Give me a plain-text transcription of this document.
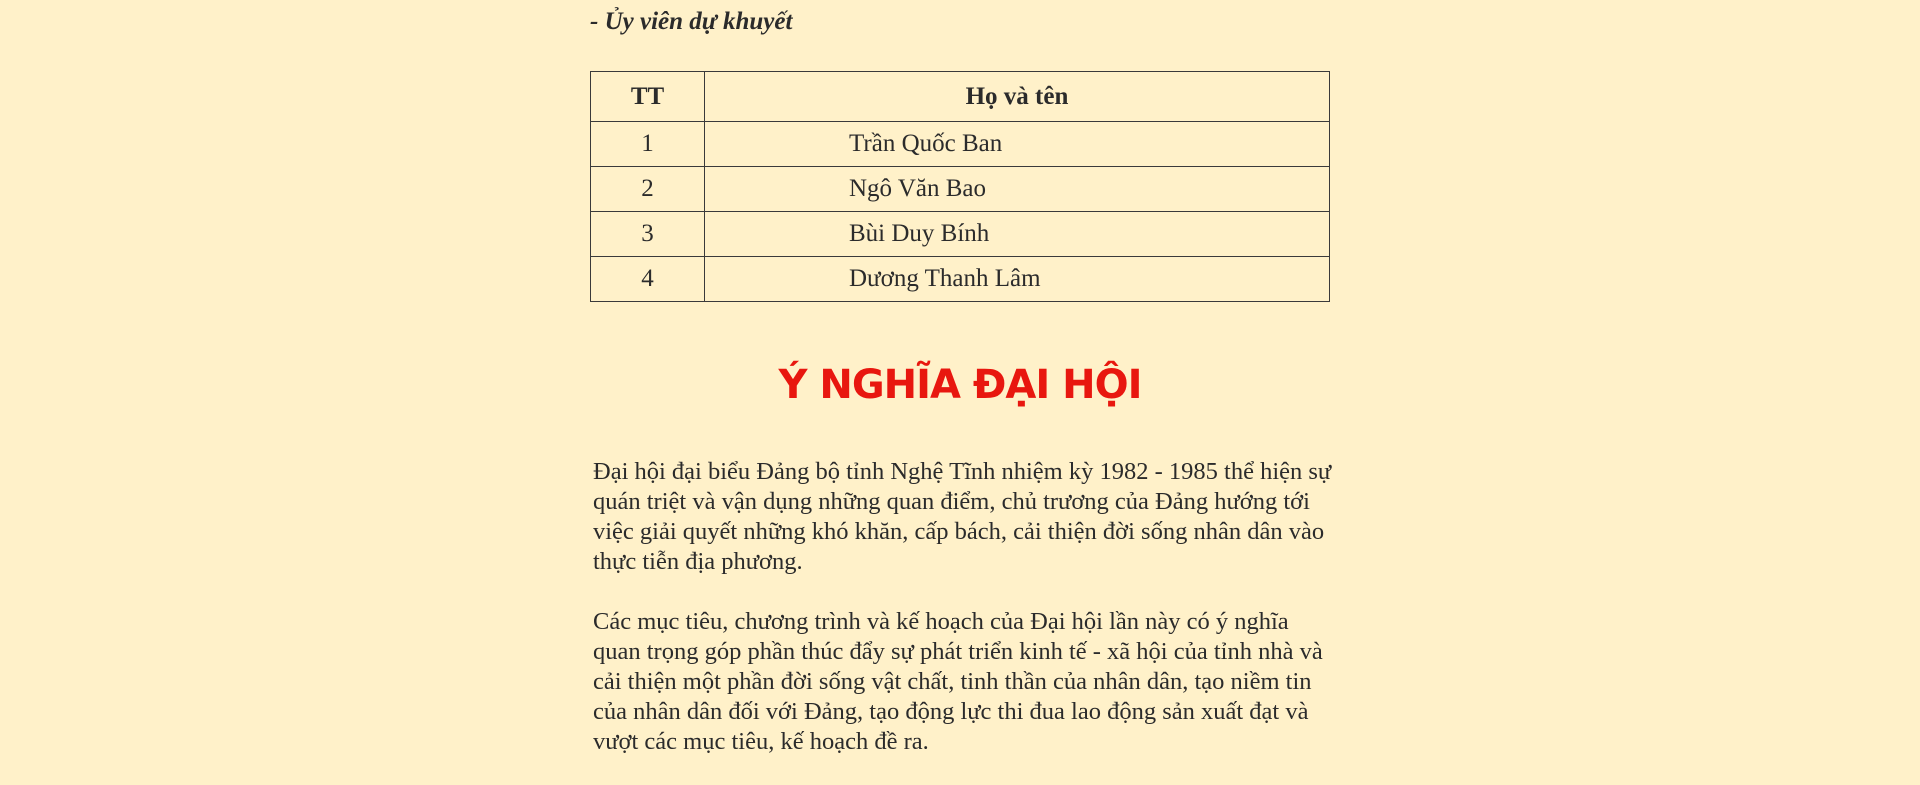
- Ủy viên dự khuyết
TT	Họ và tên
1	Trần Quốc Ban
2	Ngô Văn Bao
3	Bùi Duy Bính
4	Dương Thanh Lâm
Ý NGHĨA ĐẠI HỘI

Đại hội đại biểu Đảng bộ tỉnh Nghệ Tĩnh nhiệm kỳ 1982 - 1985 thể hiện sự quán triệt và vận dụng những quan điểm, chủ trương của Đảng hướng tới việc giải quyết những khó khăn, cấp bách, cải thiện đời sống nhân dân vào thực tiễn địa phương.

Các mục tiêu, chương trình và kế hoạch của Đại hội lần này có ý nghĩa quan trọng góp phần thúc đẩy sự phát triển kinh tế - xã hội của tỉnh nhà và cải thiện một phần đời sống vật chất, tinh thần của nhân dân, tạo niềm tin của nhân dân đối với Đảng, tạo động lực thi đua lao động sản xuất đạt và vượt các mục tiêu, kế hoạch đề ra.
